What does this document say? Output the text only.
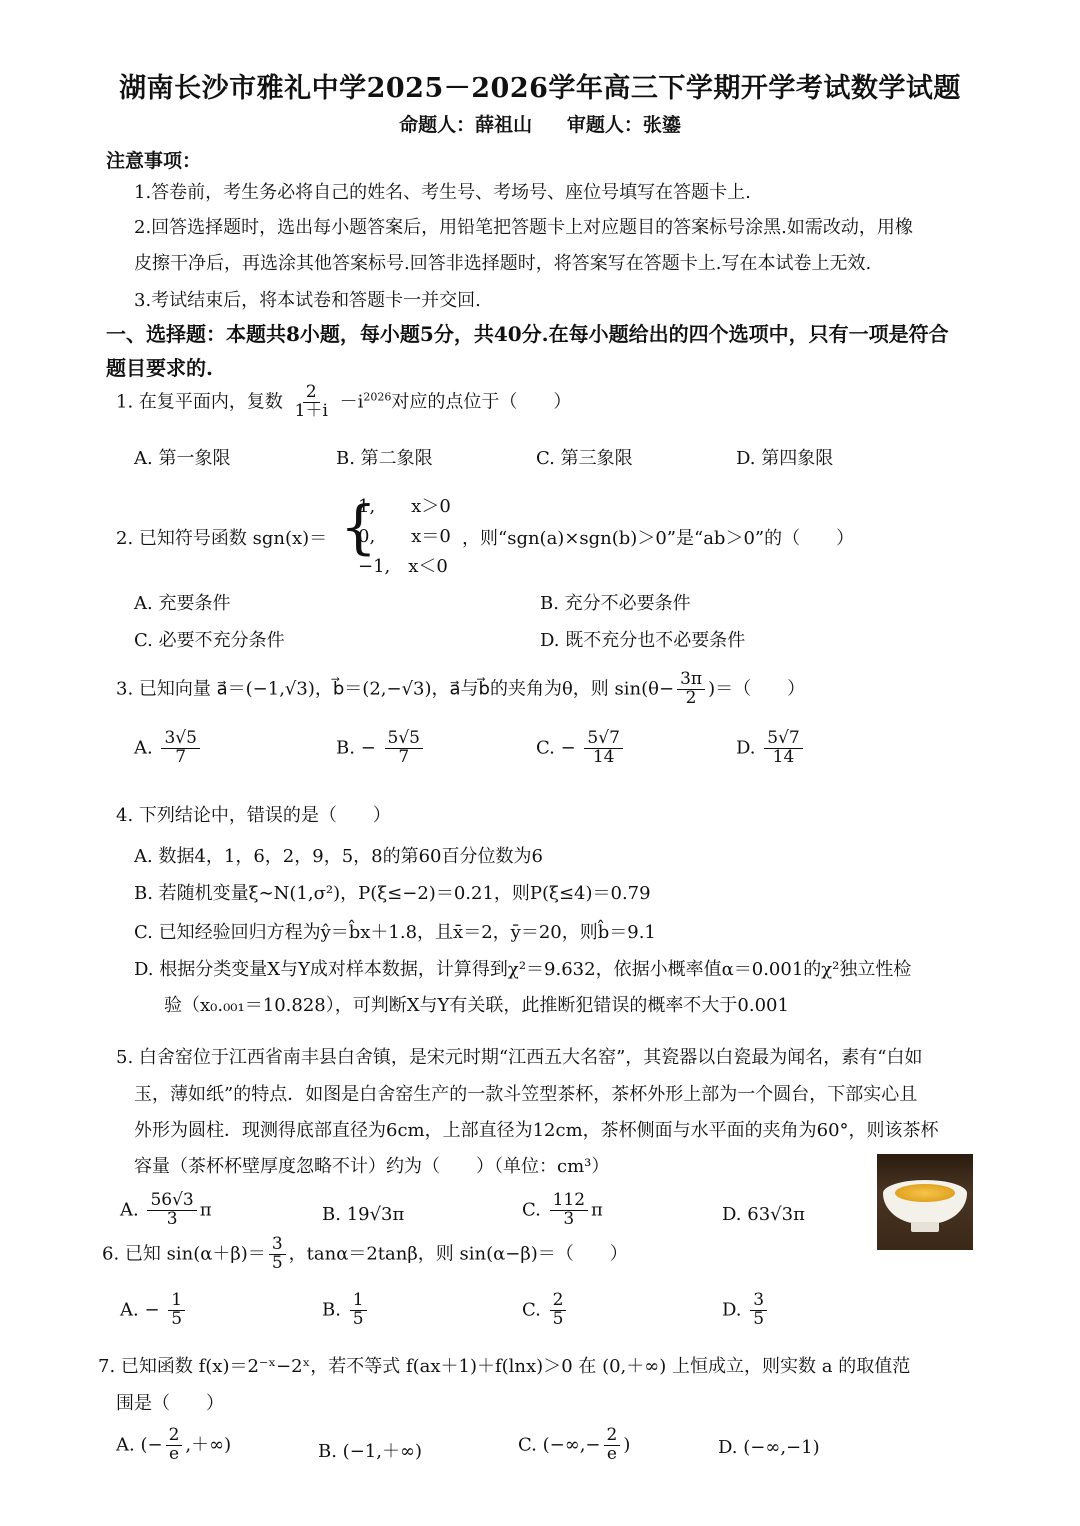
湖南长沙市雅礼中学2025－2026学年高三下学期开学考试数学试题
命题人：薛祖山 审题人：张鎏
注意事项：
1.答卷前，考生务必将自己的姓名、考生号、考场号、座位号填写在答题卡上.
2.回答选择题时，选出每小题答案后，用铅笔把答题卡上对应题目的答案标号涂黑.如需改动，用橡
皮擦干净后，再选涂其他答案标号.回答非选择题时，将答案写在答题卡上.写在本试卷上无效.
3.考试结束后，将本试卷和答题卡一并交回.
一、选择题：本题共8小题，每小题5分，共40分.在每小题给出的四个选项中，只有一项是符合
题目要求的.
1. 在复平面内，复数 $\frac{2}{1+i} -i^{2026}$对应的点位于（　　）
A. 第一象限	B. 第二象限	C. 第三象限	D. 第四象限
2. 已知符号函数 sgn(x)＝ {
1,　　x＞0
0,　　x＝0
−1,　x＜0
，则“sgn(a)×sgn(b)＞0”是“ab＞0”的（　　）
A. 充要条件	B. 充分不必要条件
C. 必要不充分条件	D. 既不充分也不必要条件
3. 已知向量 a⃗＝(−1,√3)，b⃗＝(2,−√3)，a⃗与b⃗的夹角为θ，则 $\sin(\theta- \frac{3\pi}{2}$ )＝（　　）
A. $\frac{3√5}{7}$	B. − $\frac{5√5}{7}$	C. − $\frac{5√7}{14}$	D. $\frac{5√7}{14}$
4. 下列结论中，错误的是（　　）
A. 数据4，1，6，2，9，5，8的第60百分位数为6
B. 若随机变量ξ∼N(1,σ²)，P(ξ≤−2)＝0.21，则P(ξ≤4)＝0.79
C. 已知经验回归方程为ŷ＝b̂x＋1.8，且x̄＝2，ȳ＝20，则b̂＝9.1
D. 根据分类变量X与Y成对样本数据，计算得到χ²＝9.632，依据小概率值α＝0.001的χ²独立性检
验（x₀.₀₀₁＝10.828），可判断X与Y有关联，此推断犯错误的概率不大于0.001
5. 白舍窑位于江西省南丰县白舍镇，是宋元时期“江西五大名窑”，其瓷器以白瓷最为闻名，素有“白如
玉，薄如纸”的特点．如图是白舍窑生产的一款斗笠型茶杯，茶杯外形上部为一个圆台，下部实心且
外形为圆柱．现测得底部直径为6cm，上部直径为12cm，茶杯侧面与水平面的夹角为60°，则该茶杯
容量（茶杯杯壁厚度忽略不计）约为（　　）（单位：cm³）
A. $\frac{56√3}{3}$ π	B. 19√3π	C. $\frac{112}{3}$ π	D. 63√3π
6. 已知 $\sin(\alpha+\beta)= \frac{3}{5}$ ，tanα＝2tanβ，则 sin(α−β)＝（　　）
A. − $\frac{1}{5}$	B. $\frac{1}{5}$	C. $\frac{2}{5}$	D. $\frac{3}{5}$
7. 已知函数 f(x)＝2⁻ˣ−2ˣ，若不等式 f(ax＋1)＋f(lnx)＞0 在 (0,＋∞) 上恒成立，则实数 a 的取值范
围是（　　）
A. (− $\frac{2}{e}$ ,＋∞)	B. (−1,＋∞)	C. (−∞,− $\frac{2}{e}$ )	D. (−∞,−1)
